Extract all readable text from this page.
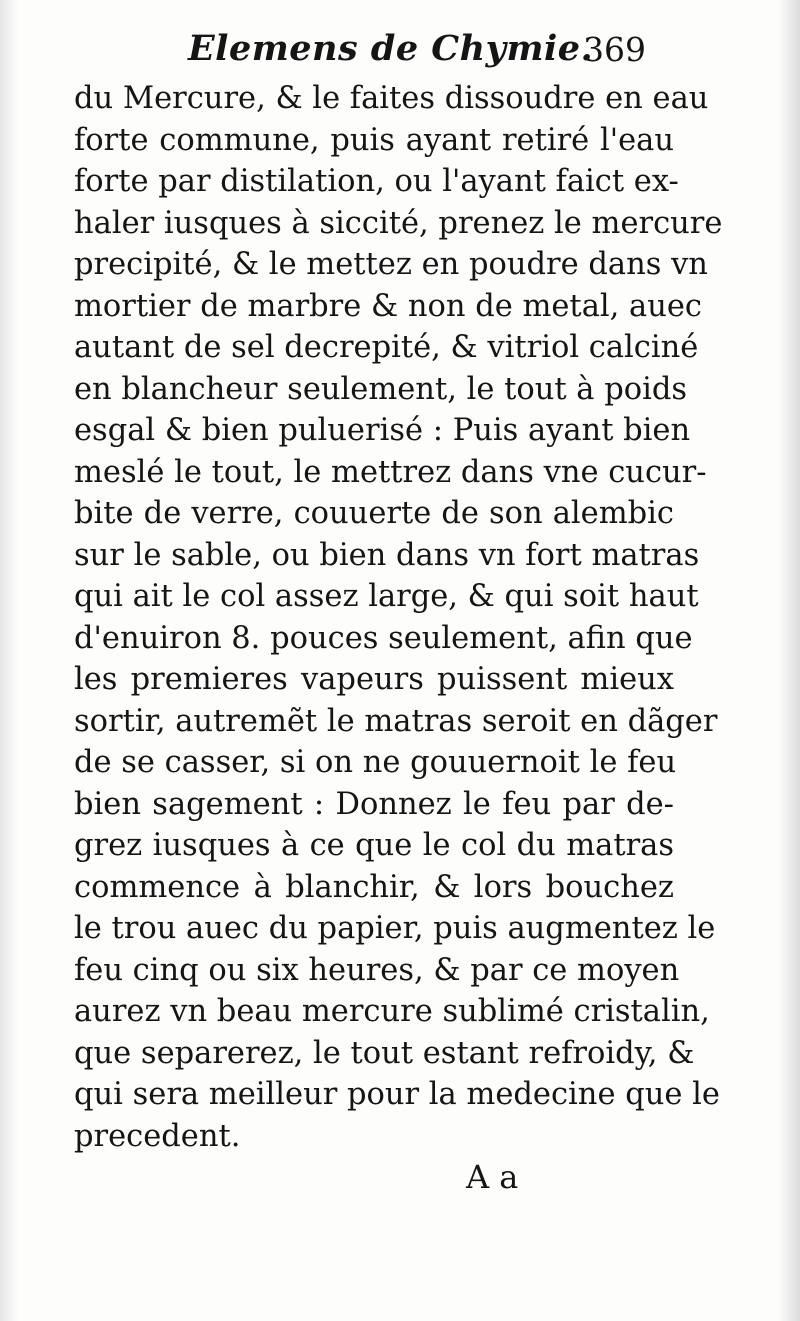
Elemens de Chymie.
369
du Mercure, & le faites dissoudre en eau
forte commune, puis ayant retiré l'eau
forte par distilation, ou l'ayant faict ex-
haler iusques à siccité, prenez le mercure
precipité, & le mettez en poudre dans vn
mortier de marbre & non de metal, auec
autant de sel decrepité, & vitriol calciné
en blancheur seulement, le tout à poids
esgal & bien puluerisé : Puis ayant bien
meslé le tout, le mettrez dans vne cucur-
bite de verre, couuerte de son alembic
sur le sable, ou bien dans vn fort matras
qui ait le col assez large, & qui soit haut
d'enuiron 8. pouces seulement, afin que
les premieres vapeurs puissent mieux
sortir, autremẽt le matras seroit en dãger
de se casser, si on ne gouuernoit le feu
bien sagement : Donnez le feu par de-
grez iusques à ce que le col du matras
commence à blanchir, & lors bouchez
le trou auec du papier, puis augmentez le
feu cinq ou six heures, & par ce moyen
aurez vn beau mercure sublimé cristalin,
que separerez, le tout estant refroidy, &
qui sera meilleur pour la medecine que le
precedent.
A a
